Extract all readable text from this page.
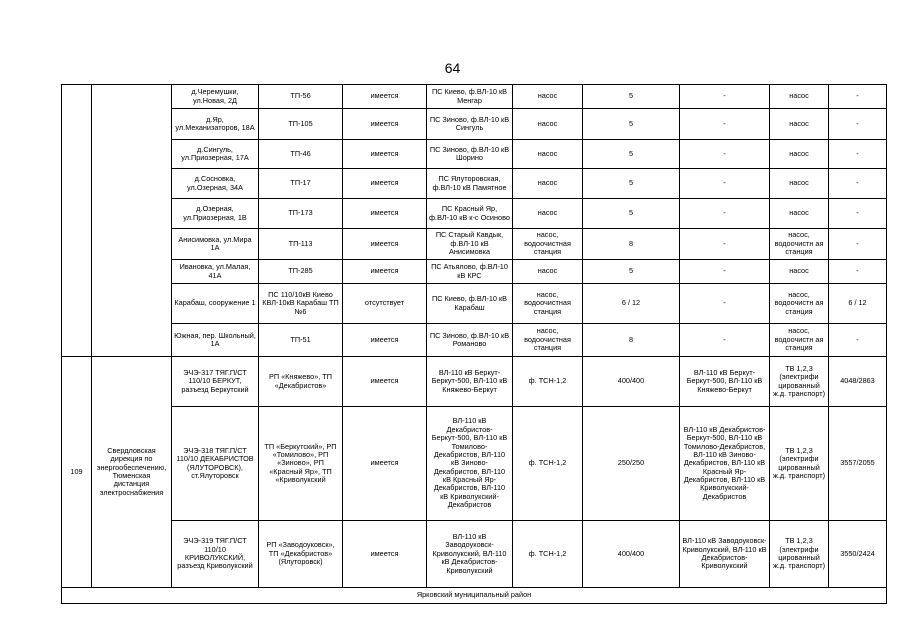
64
		д.Черемушки, ул.Новая, 2Д	ТП-56	имеется	ПС Киево, ф.ВЛ-10 кВ Менгар	насос	5	-	насос	-
		д.Яр, ул.Механизаторов, 18А	ТП-105	имеется	ПС Зиново, ф.ВЛ-10 кВ Сингуль	насос	5	-	насос	-
		д.Сингуль, ул.Приозерная, 17А	ТП-46	имеется	ПС Зиново, ф.ВЛ-10 кВ Шорино	насос	5	-	насос	-
		д.Сосновка, ул.Озерная, 34А	ТП-17	имеется	ПС Ялуторовская, ф.ВЛ-10 кВ Памятное	насос	5	-	насос	-
		д.Озерная, ул.Приозерная, 1В	ТП-173	имеется	ПС Красный Яр, ф.ВЛ-10 кВ к-с Осиново	насос	5	-	насос	-
		Анисимовка, ул.Мира 1А	ТП-113	имеется	ПС Старый Кавдык, ф.ВЛ-10 кВ Анисимовка	насос, водоочистная станция	8	-	насос, водоочистн ая станция	-
		Ивановка, ул.Малая, 41А	ТП-285	имеется	ПС Атьялово, ф.ВЛ-10 кВ КРС	насос	5	-	насос	-
		Карабаш, сооружение 1	ПС 110/10кВ Киево КВЛ-10кВ Карабаш ТП №6	отсутствует	ПС Киево, ф.ВЛ-10 кВ Карабаш	насос, водоочистная станция	6 / 12	-	насос, водоочистн ая станция	6 / 12
		Южная, пер. Школьный, 1А	ТП-51	имеется	ПС Зиново, ф.ВЛ-10 кВ Романово	насос, водоочистная станция	8	-	насос, водоочистн ая станция	-
109	Свердловская дирекция по энергообеспечению, Тюменская дистанция электроснабжения	ЭЧЭ-317 ТЯГ.П/СТ 110/10 БЕРКУТ, разъезд Беркутский	РП «Княжево», ТП «Декабристов»	имеется	ВЛ-110 кВ Беркут-Беркут-500, ВЛ-110 кВ Княжево-Беркут	ф. ТСН-1,2	400/400	ВЛ-110 кВ Беркут-Беркут-500, ВЛ-110 кВ Княжево-Беркут	ТВ 1,2,3 (электрифи цированный ж.д. транспорт)	4048/2863
		ЭЧЭ-318 ТЯГ.П/СТ 110/10 ДЕКАБРИСТОВ (ЯЛУТОРОВСК), ст.Ялуторовск	ТП «Беркутский», РП «Томилово», РП «Зиново», РП «Красный Яр», ТП «Криволукский	имеется	ВЛ-110 кВ Декабристов-Беркут-500, ВЛ-110 кВ Томилово-Декабристов, ВЛ-110 кВ Зиново-Декабристов, ВЛ-110 кВ Красный Яр-Декабристов, ВЛ-110 кВ Криволукский-Декабристов	ф. ТСН-1,2	250/250	ВЛ-110 кВ Декабристов-Беркут-500, ВЛ-110 кВ Томилово-Декабристов, ВЛ-110 кВ Зиново-Декабристов, ВЛ-110 кВ Красный Яр-Декабристов, ВЛ-110 кВ Криволукский-Декабристов	ТВ 1,2,3 (электрифи цированный ж.д. транспорт)	3557/2055
		ЭЧЭ-319 ТЯГ.П/СТ 110/10 КРИВОЛУКСКИЙ, разъезд Криволукский	РП «Заводоуковск», ТП «Декабристов» (Ялуторовск)	имеется	ВЛ-110 кВ Заводоуковск-Криволукский, ВЛ-110 кВ Декабристов-Криволукский	ф. ТСН-1,2	400/400	ВЛ-110 кВ Заводоуковск-Криволукский, ВЛ-110 кВ Декабристов-Криволукский	ТВ 1,2,3 (электрифи цированный ж.д. транспорт)	3550/2424
Ярковский муниципальный район										
